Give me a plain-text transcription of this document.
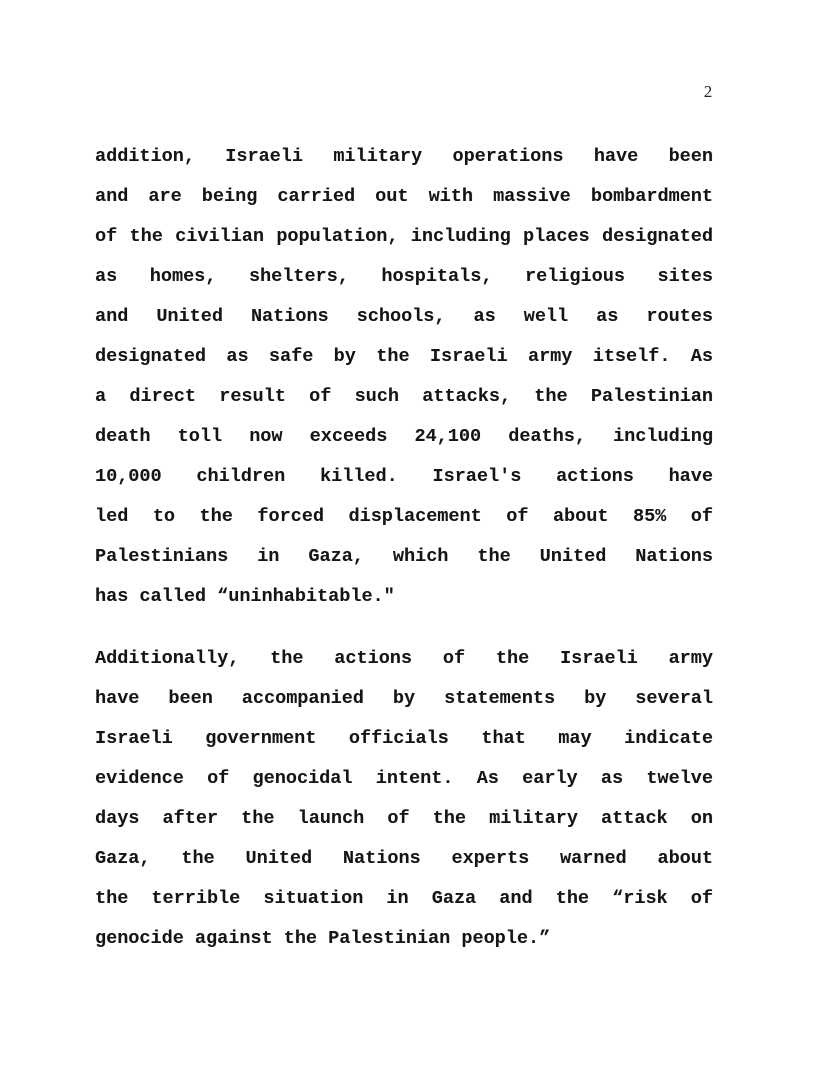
2
addition, Israeli military operations have been
and are being carried out with massive bombardment
of the civilian population, including places designated
as homes, shelters, hospitals, religious sites
and United Nations schools, as well as routes
designated as safe by the Israeli army itself. As
a direct result of such attacks, the Palestinian
death toll now exceeds 24,100 deaths, including
10,000 children killed. Israel's actions have
led to the forced displacement of about 85% of
Palestinians in Gaza, which the United Nations
has called “uninhabitable."
Additionally, the actions of the Israeli army
have been accompanied by statements by several
Israeli government officials that may indicate
evidence of genocidal intent. As early as twelve
days after the launch of the military attack on
Gaza, the United Nations experts warned about
the terrible situation in Gaza and the “risk of
genocide against the Palestinian people.”
